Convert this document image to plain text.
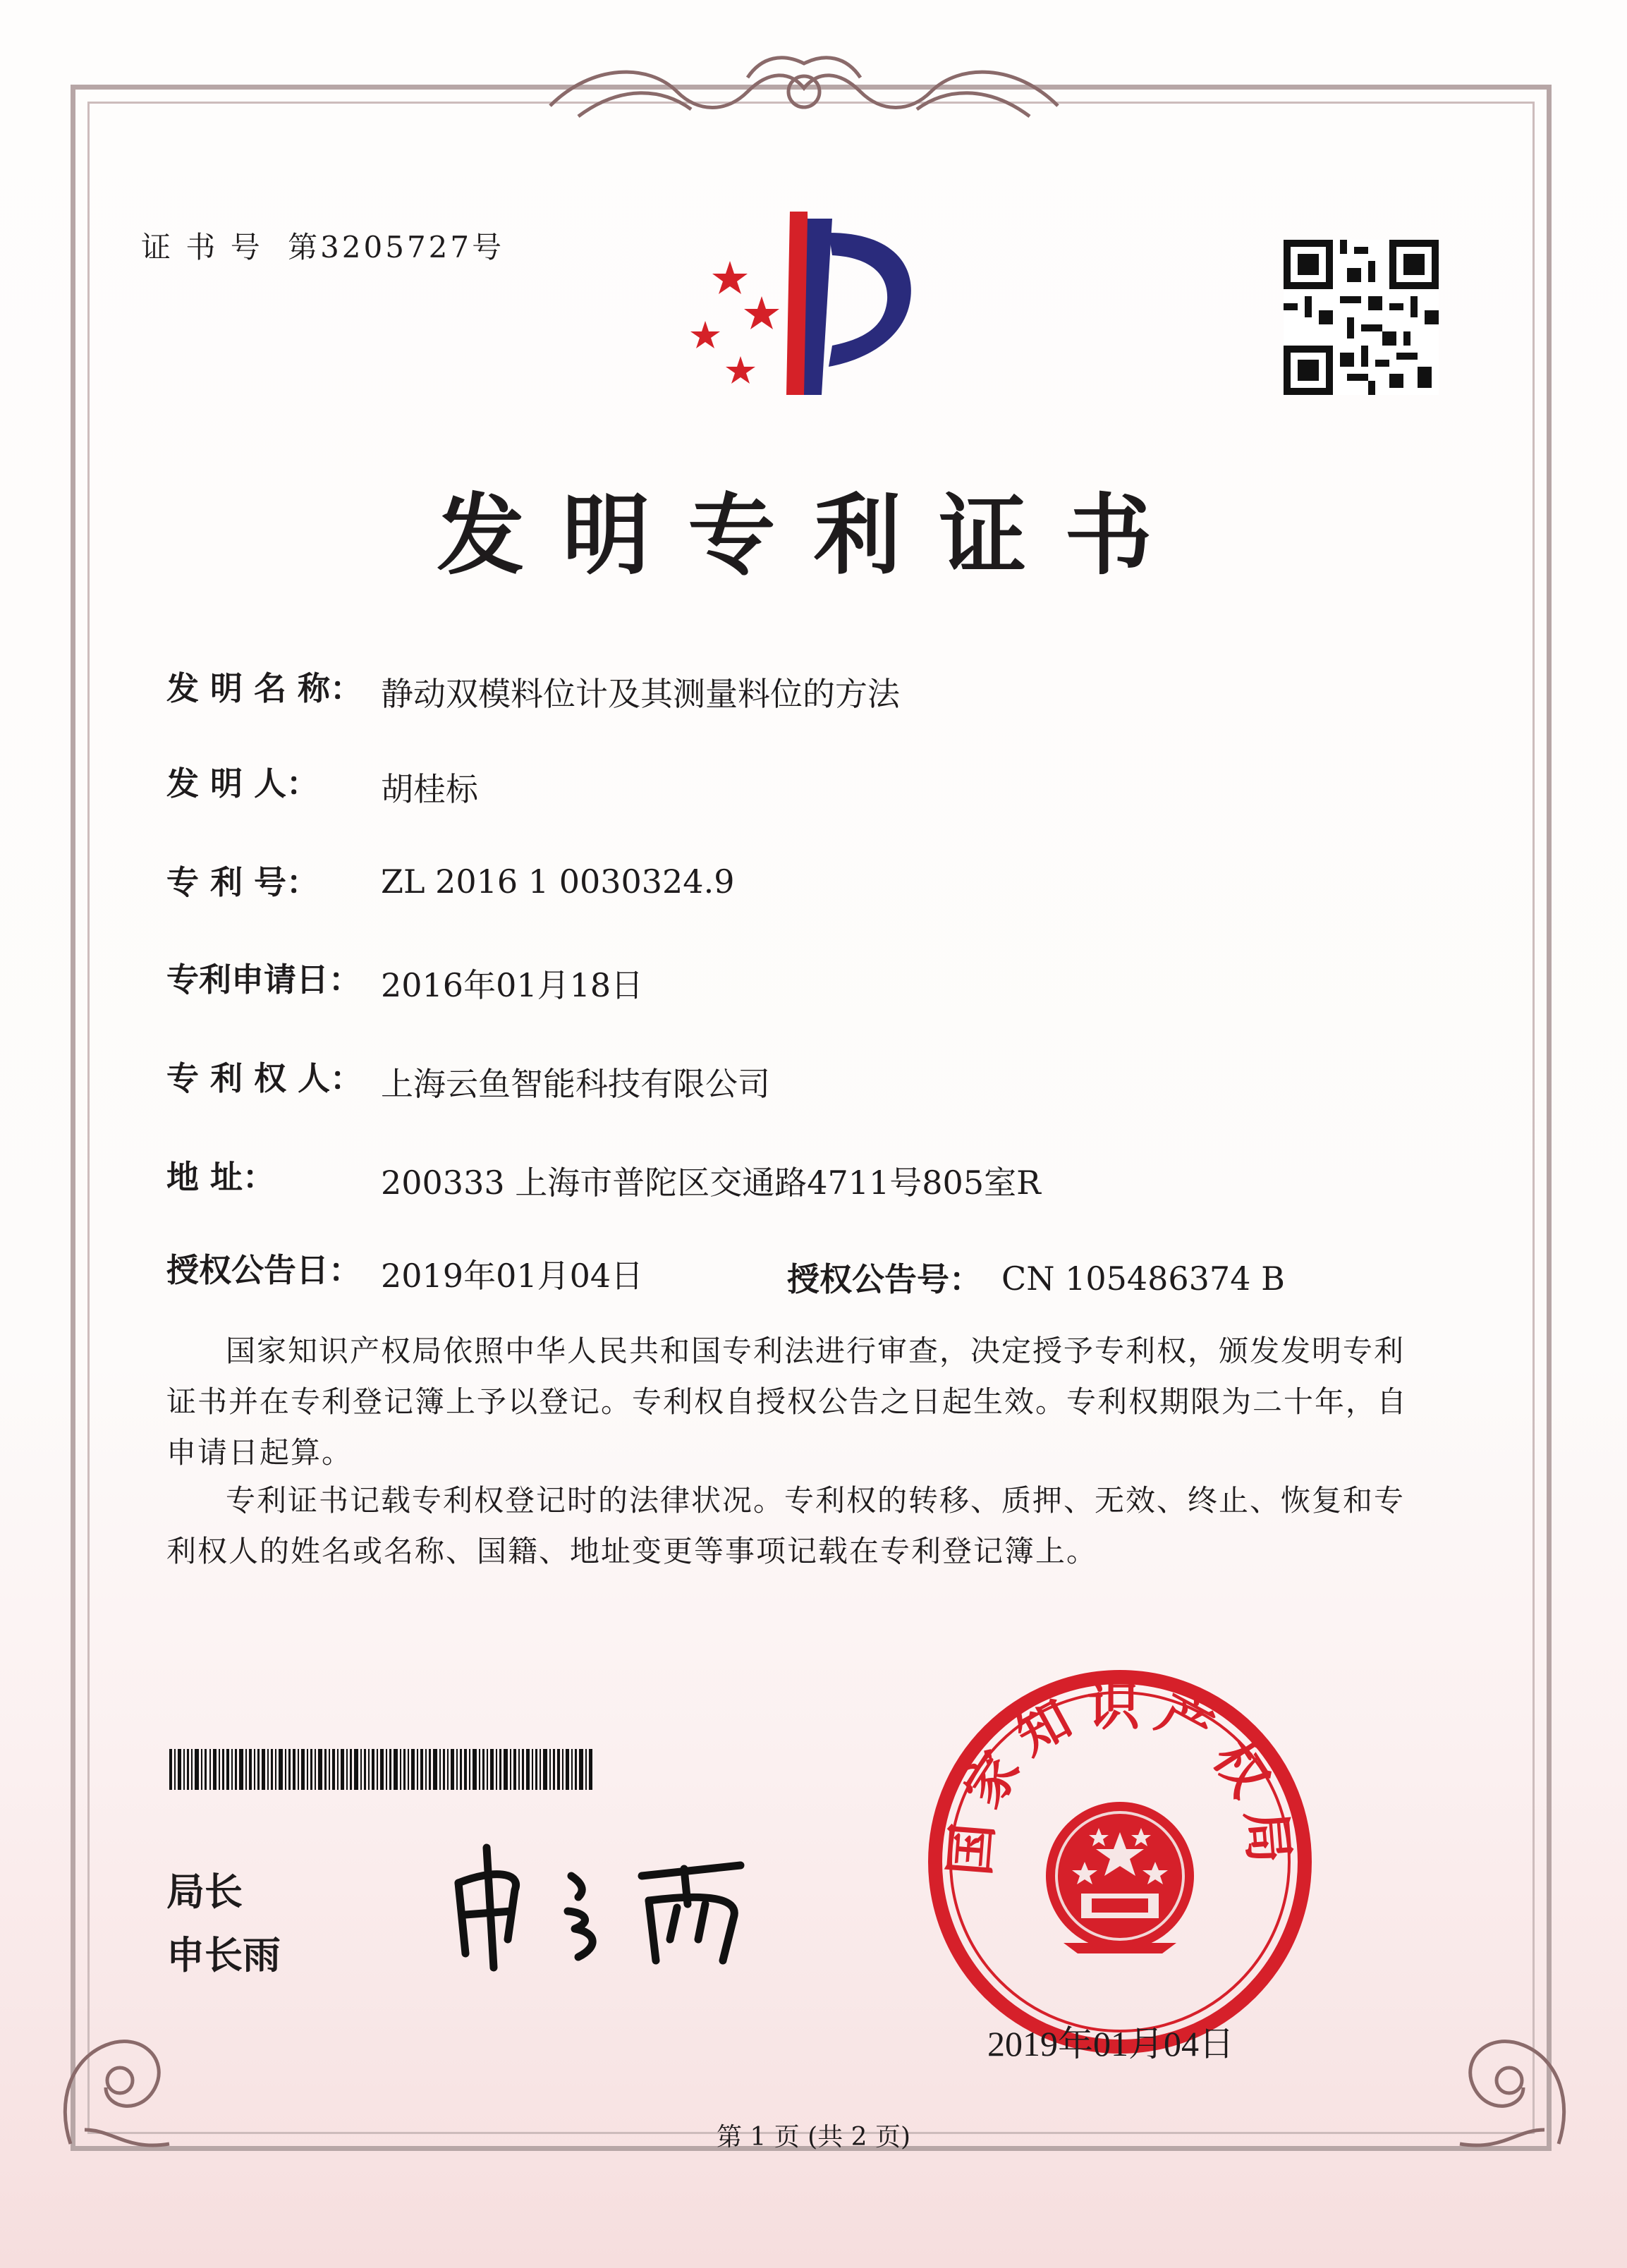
证 书 号 第3205727号
发明专利证书
发 明 名 称： 静动双模料位计及其测量料位的方法
发 明 人： 胡桂标
专 利 号： ZL 2016 1 0030324.9
专利申请日： 2016年01月18日
专 利 权 人： 上海云鱼智能科技有限公司
地 址：	200333 上海市普陀区交通路4711号805室R
授权公告日： 2019年01月04日	授权公告号： CN 105486374 B
国家知识产权局依照中华人民共和国专利法进行审查，决定授予专利权，颁发发明专利
证书并在专利登记簿上予以登记。专利权自授权公告之日起生效。专利权期限为二十年，自
申请日起算。
专利证书记载专利权登记时的法律状况。专利权的转移、质押、无效、终止、恢复和专
利权人的姓名或名称、国籍、地址变更等事项记载在专利登记簿上。
局长
申长雨
国家知识产权局
2019年01月04日
第 1 页 (共 2 页)
